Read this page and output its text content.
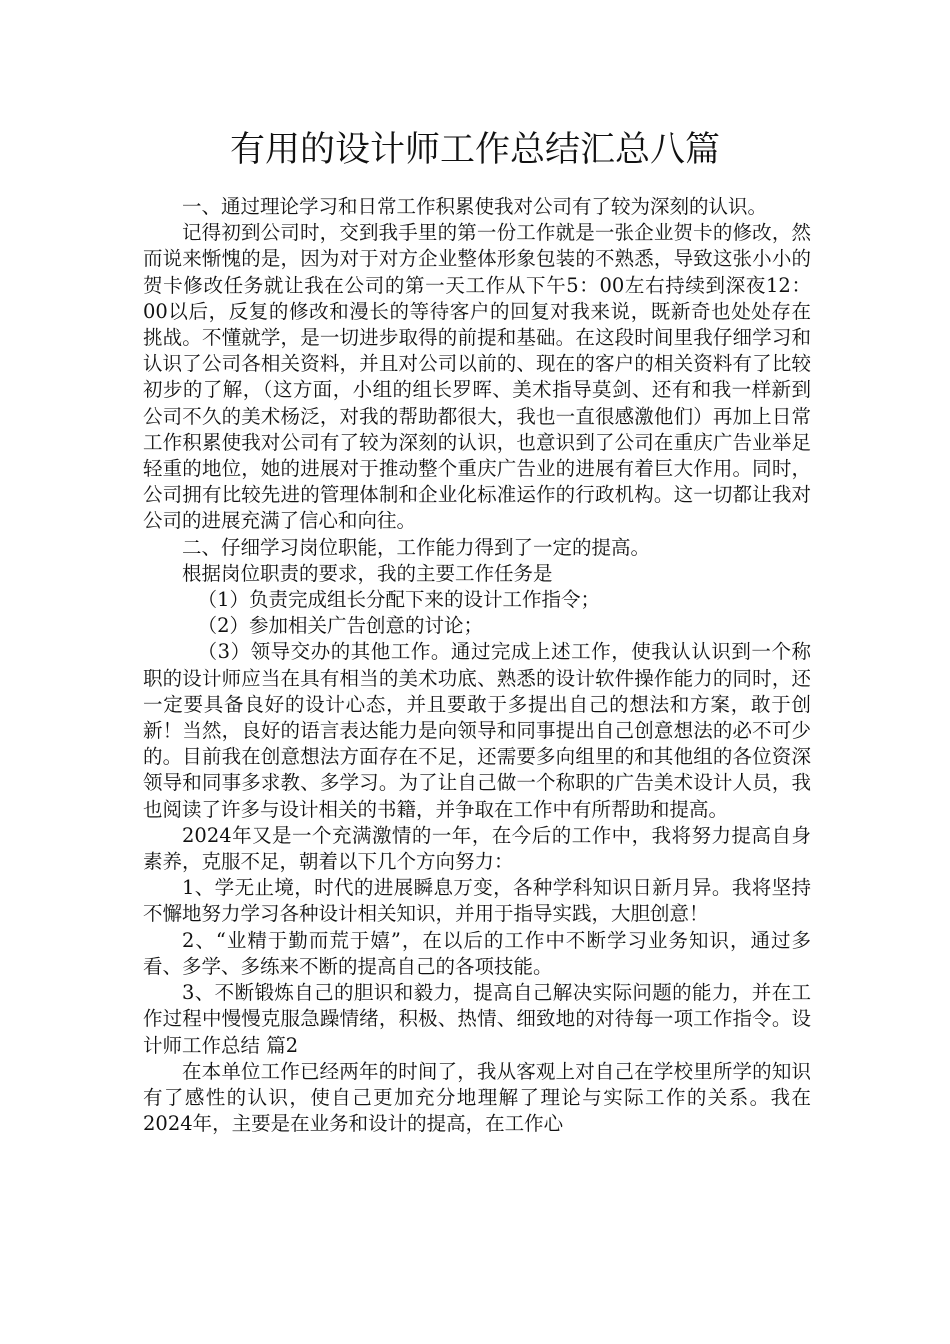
有用的设计师工作总结汇总八篇

一、通过理论学习和日常工作积累使我对公司有了较为深刻的认识。

记得初到公司时，交到我手里的第一份工作就是一张企业贺卡的修改，然而说来惭愧的是，因为对于对方企业整体形象包装的不熟悉，导致这张小小的贺卡修改任务就让我在公司的第一天工作从下午5：00左右持续到深夜12：00以后，反复的修改和漫长的等待客户的回复对我来说，既新奇也处处存在挑战。不懂就学，是一切进步取得的前提和基础。在这段时间里我仔细学习和认识了公司各相关资料，并且对公司以前的、现在的客户的相关资料有了比较初步的了解，（这方面，小组的组长罗晖、美术指导莫剑、还有和我一样新到公司不久的美术杨泛，对我的帮助都很大，我也一直很感激他们）再加上日常工作积累使我对公司有了较为深刻的认识，也意识到了公司在重庆广告业举足轻重的地位，她的进展对于推动整个重庆广告业的进展有着巨大作用。同时，公司拥有比较先进的管理体制和企业化标准运作的行政机构。这一切都让我对公司的进展充满了信心和向往。

二、仔细学习岗位职能，工作能力得到了一定的提高。

根据岗位职责的要求，我的主要工作任务是

（1）负责完成组长分配下来的设计工作指令；

（2）参加相关广告创意的讨论；

（3）领导交办的其他工作。通过完成上述工作，使我认认识到一个称职的设计师应当在具有相当的美术功底、熟悉的设计软件操作能力的同时，还一定要具备良好的设计心态，并且要敢于多提出自己的想法和方案，敢于创新！当然，良好的语言表达能力是向领导和同事提出自己创意想法的必不可少的。目前我在创意想法方面存在不足，还需要多向组里的和其他组的各位资深领导和同事多求教、多学习。为了让自己做一个称职的广告美术设计人员，我也阅读了许多与设计相关的书籍，并争取在工作中有所帮助和提高。

2024年又是一个充满激情的一年，在今后的工作中，我将努力提高自身素养，克服不足，朝着以下几个方向努力：

1、学无止境，时代的进展瞬息万变，各种学科知识日新月异。我将坚持不懈地努力学习各种设计相关知识，并用于指导实践，大胆创意！

2、“业精于勤而荒于嬉”，在以后的工作中不断学习业务知识，通过多看、多学、多练来不断的提高自己的各项技能。

3、不断锻炼自己的胆识和毅力，提高自己解决实际问题的能力，并在工作过程中慢慢克服急躁情绪，积极、热情、细致地的对待每一项工作指令。设计师工作总结 篇2

在本单位工作已经两年的时间了，我从客观上对自己在学校里所学的知识有了感性的认识，使自己更加充分地理解了理论与实际工作的关系。我在2024年，主要是在业务和设计的提高，在工作心
